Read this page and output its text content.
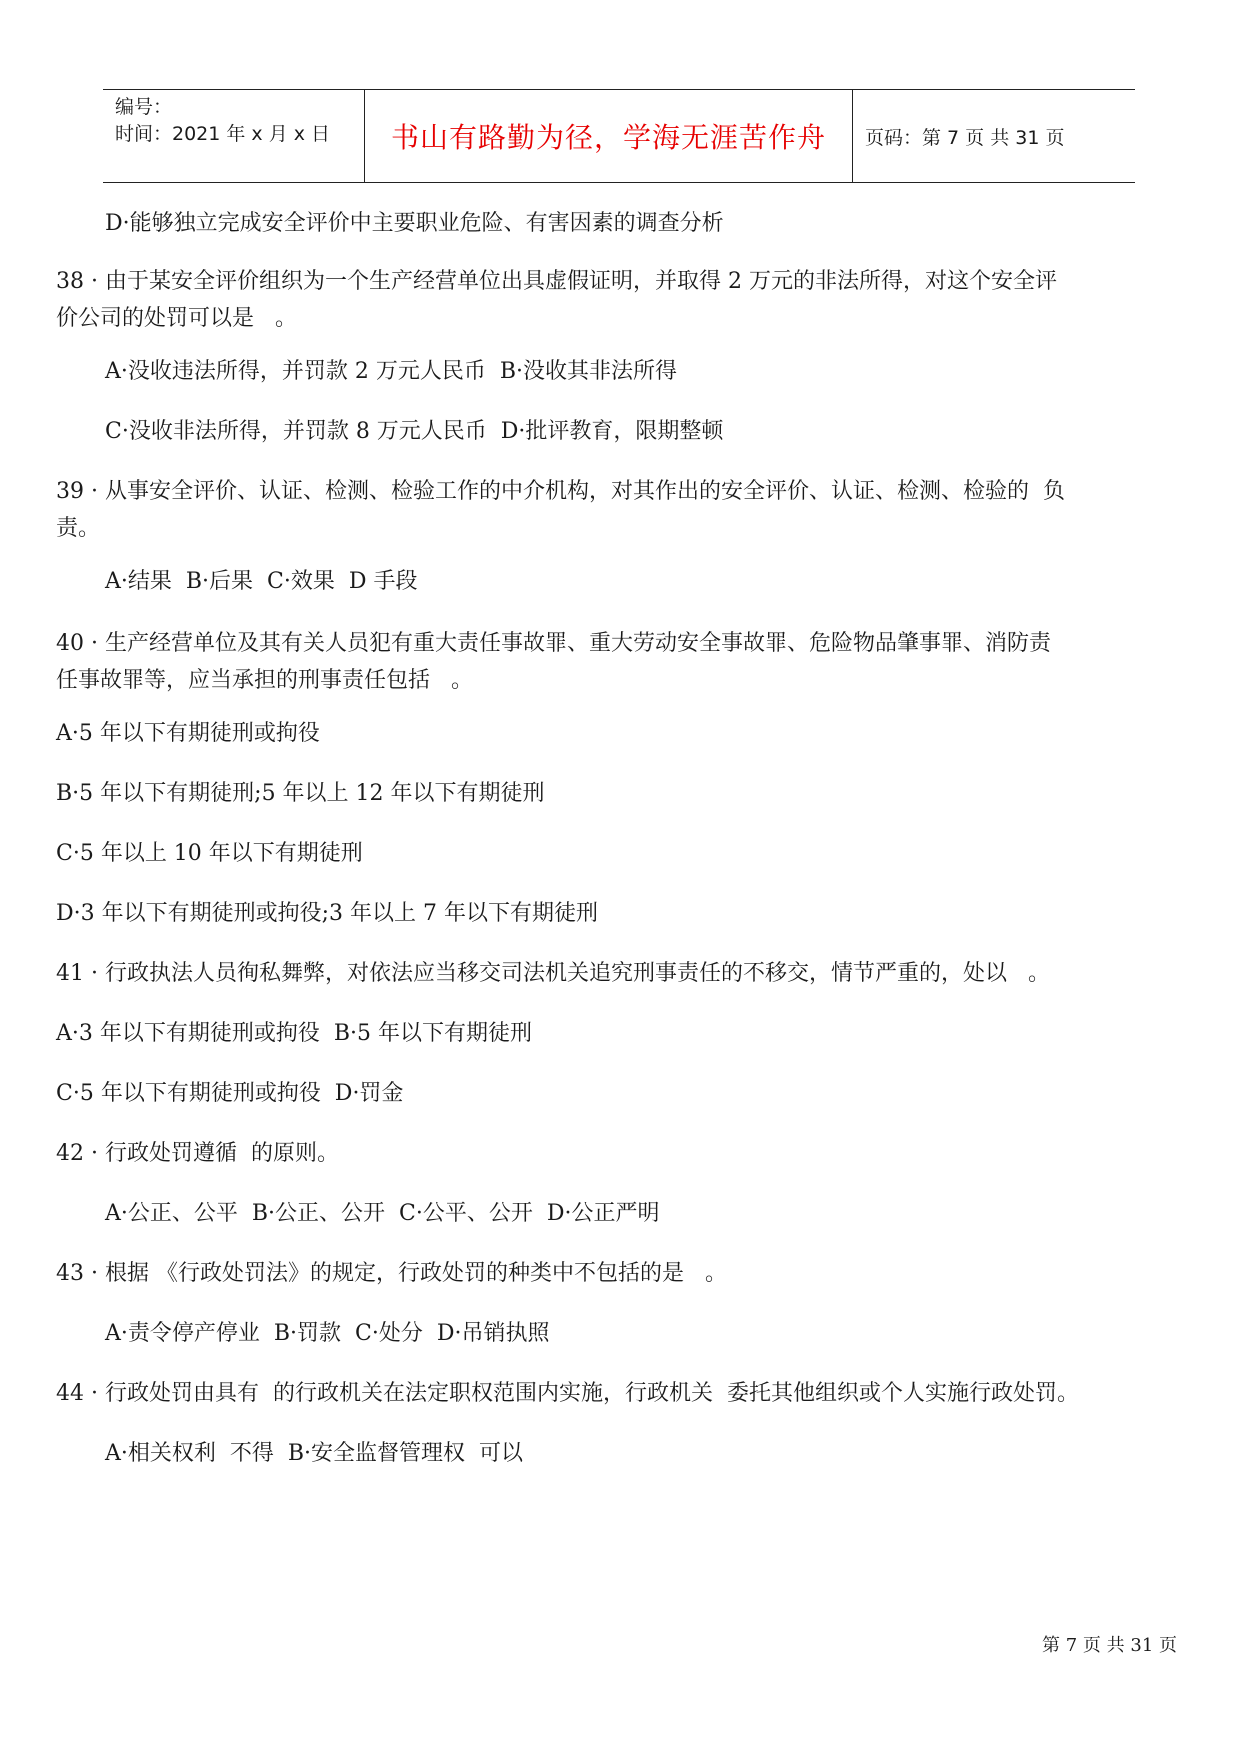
编号：
时间：2021 年 x 月 x 日	书山有路勤为径，学海无涯苦作舟 页码：第 7 页 共 31 页
D·能够独立完成安全评价中主要职业危险、有害因素的调查分析
38 · 由于某安全评价组织为一个生产经营单位出具虚假证明，并取得 2 万元的非法所得，对这个安全评
价公司的处罚可以是   。
A·没收违法所得，并罚款 2 万元人民币  B·没收其非法所得
C·没收非法所得，并罚款 8 万元人民币  D·批评教育，限期整顿
39 · 从事安全评价、认证、检测、检验工作的中介机构，对其作出的安全评价、认证、检测、检验的  负
责。
A·结果  B·后果  C·效果  D 手段
40 · 生产经营单位及其有关人员犯有重大责任事故罪、重大劳动安全事故罪、危险物品肇事罪、消防责
任事故罪等，应当承担的刑事责任包括   。
A·5 年以下有期徒刑或拘役
B·5 年以下有期徒刑;5 年以上 12 年以下有期徒刑
C·5 年以上 10 年以下有期徒刑
D·3 年以下有期徒刑或拘役;3 年以上 7 年以下有期徒刑
41 · 行政执法人员徇私舞弊，对依法应当移交司法机关追究刑事责任的不移交，情节严重的，处以   。
A·3 年以下有期徒刑或拘役  B·5 年以下有期徒刑
C·5 年以下有期徒刑或拘役  D·罚金
42 · 行政处罚遵循  的原则。
A·公正、公平  B·公正、公开  C·公平、公开  D·公正严明
43 · 根据 《行政处罚法》的规定，行政处罚的种类中不包括的是   。
A·责令停产停业  B·罚款  C·处分  D·吊销执照
44 · 行政处罚由具有  的行政机关在法定职权范围内实施，行政机关  委托其他组织或个人实施行政处罚。
A·相关权利  不得  B·安全监督管理权  可以
第 7 页 共 31 页
